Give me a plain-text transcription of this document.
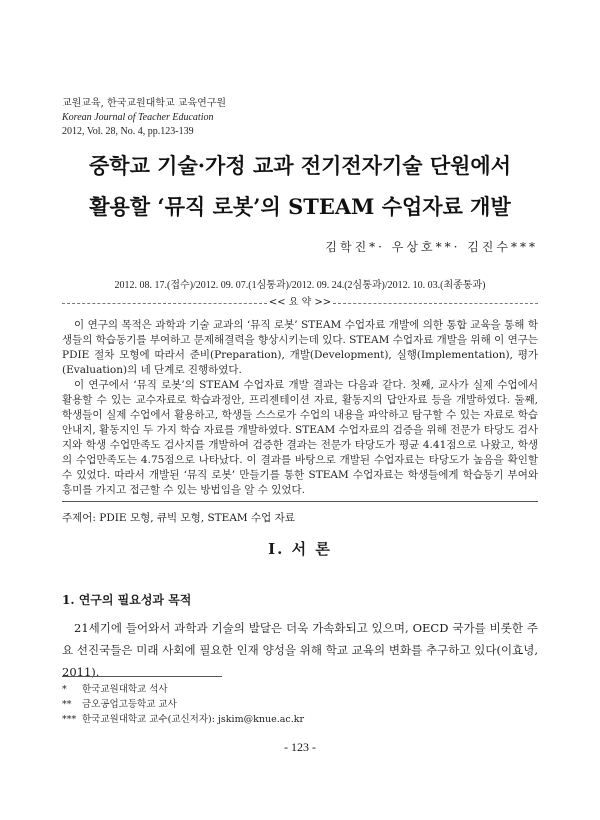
교원교육, 한국교원대학교 교육연구원
Korean Journal of Teacher Education
2012, Vol. 28, No. 4, pp.123-139
중학교 기술·가정 교과 전기전자기술 단원에서
활용할 ‘뮤직 로봇’의 STEAM 수업자료 개발
김학진*· 우상호**· 김진수***
2012. 08. 17.(접수)/2012. 09. 07.(1심통과)/2012. 09. 24.(2심통과)/2012. 10. 03.(최종통과)
<< 요 약 >>

이 연구의 목적은 과학과 기술 교과의 ‘뮤직 로봇’ STEAM 수업자료 개발에 의한 통합 교육을 통해 학생들의 학습동기를 부여하고 문제해결력을 향상시키는데 있다. STEAM 수업자료 개발을 위해 이 연구는 PDIE 절차 모형에 따라서 준비(Preparation), 개발(Development), 실행(Implementation), 평가(Evaluation)의 네 단계로 진행하였다.

이 연구에서 ‘뮤직 로봇’의 STEAM 수업자료 개발 결과는 다음과 같다. 첫째, 교사가 실제 수업에서 활용할 수 있는 교수자료로 학습과정안, 프리젠테이션 자료, 활동지의 답안자료 등을 개발하였다. 둘째, 학생들이 실제 수업에서 활용하고, 학생들 스스로가 수업의 내용을 파악하고 탐구할 수 있는 자료로 학습안내지, 활동지인 두 가지 학습 자료를 개발하였다. STEAM 수업자료의 검증을 위해 전문가 타당도 검사지와 학생 수업만족도 검사지를 개발하여 검증한 결과는 전문가 타당도가 평균 4.41점으로 나왔고, 학생의 수업만족도는 4.75점으로 나타났다. 이 결과를 바탕으로 개발된 수업자료는 타당도가 높음을 확인할 수 있었다. 따라서 개발된 ‘뮤직 로봇’ 만들기를 통한 STEAM 수업자료는 학생들에게 학습동기 부여와 흥미를 가지고 접근할 수 있는 방법임을 알 수 있었다.

주제어: PDIE 모형, 큐빅 모형, STEAM 수업 자료
I. 서 론
1. 연구의 필요성과 목적

21세기에 들어와서 과학과 기술의 발달은 더욱 가속화되고 있으며, OECD 국가를 비롯한 주요 선진국들은 미래 사회에 필요한 인재 양성을 위해 학교 교육의 변화를 추구하고 있다(이효녕, 2011).

* 한국교원대학교 석사
** 금오공업고등학교 교사
*** 한국교원대학교 교수(교신저자): jskim@knue.ac.kr
- 123 -
